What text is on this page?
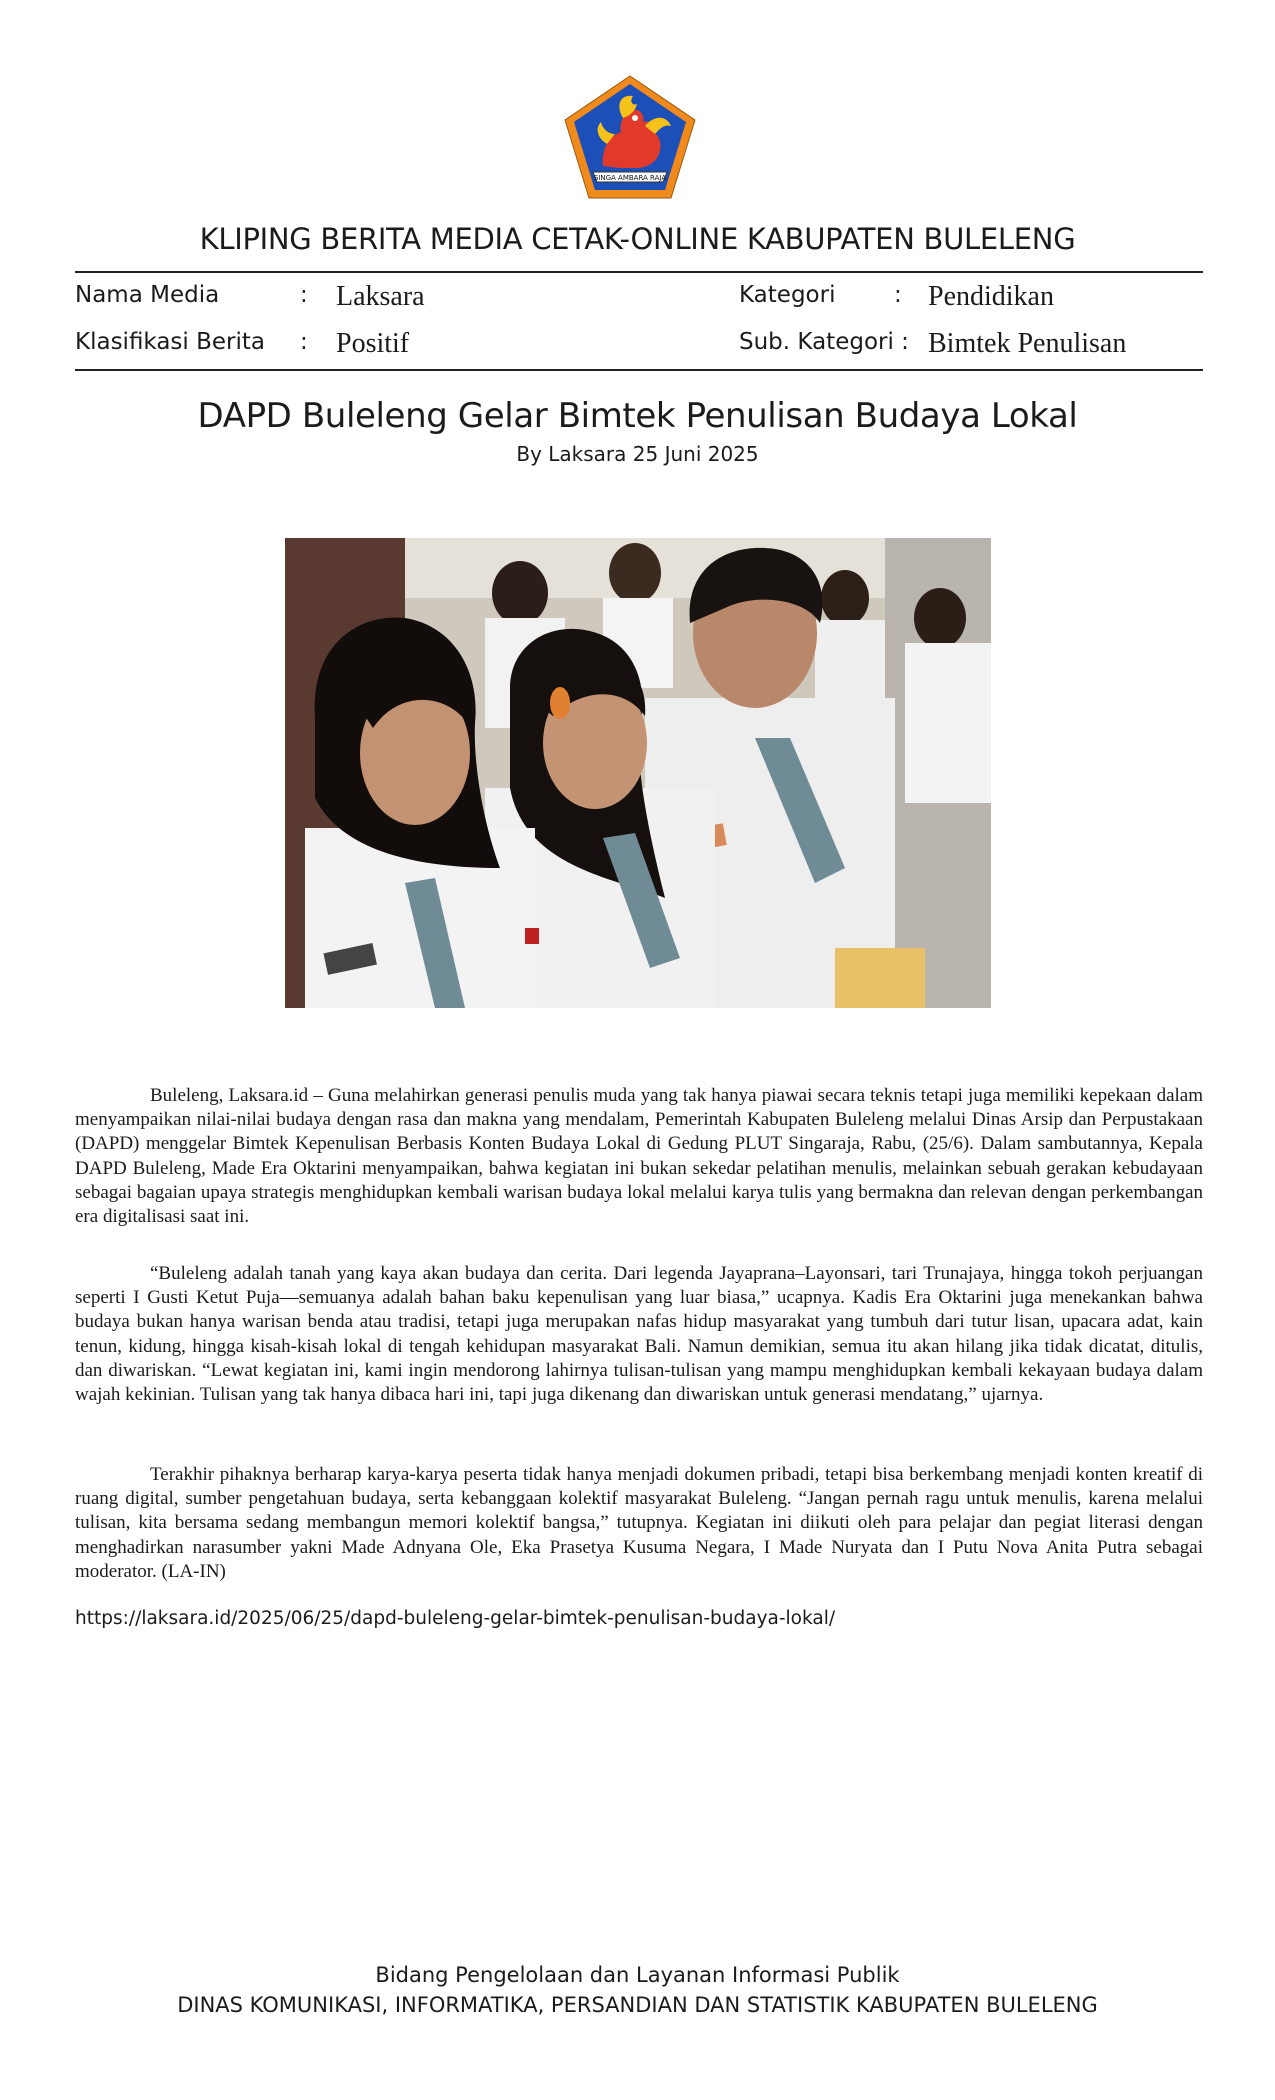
SINGA AMBARA RAJA
KLIPING BERITA MEDIA CETAK-ONLINE KABUPATEN BULELENG
Nama Media	: Laksara	Kategori	: Pendidikan
Klasifikasi Berita : Positif	Sub. Kategori : Bimtek Penulisan
DAPD Buleleng Gelar Bimtek Penulisan Budaya Lokal
By Laksara 25 Juni 2025

Buleleng, Laksara.id – Guna melahirkan generasi penulis muda yang tak hanya piawai secara teknis tetapi juga memiliki kepekaan dalam menyampaikan nilai-nilai budaya dengan rasa dan makna yang mendalam, Pemerintah Kabupaten Buleleng melalui Dinas Arsip dan Perpustakaan (DAPD) menggelar Bimtek Kepenulisan Berbasis Konten Budaya Lokal di Gedung PLUT Singaraja, Rabu, (25/6). Dalam sambutannya, Kepala DAPD Buleleng, Made Era Oktarini menyampaikan, bahwa kegiatan ini bukan sekedar pelatihan menulis, melainkan sebuah gerakan kebudayaan sebagai bagaian upaya strategis menghidupkan kembali warisan budaya lokal melalui karya tulis yang bermakna dan relevan dengan perkembangan era digitalisasi saat ini.

“Buleleng adalah tanah yang kaya akan budaya dan cerita. Dari legenda Jayaprana–Layonsari, tari Trunajaya, hingga tokoh perjuangan seperti I Gusti Ketut Puja—semuanya adalah bahan baku kepenulisan yang luar biasa,” ucapnya. Kadis Era Oktarini juga menekankan bahwa budaya bukan hanya warisan benda atau tradisi, tetapi juga merupakan nafas hidup masyarakat yang tumbuh dari tutur lisan, upacara adat, kain tenun, kidung, hingga kisah-kisah lokal di tengah kehidupan masyarakat Bali. Namun demikian, semua itu akan hilang jika tidak dicatat, ditulis, dan diwariskan. “Lewat kegiatan ini, kami ingin mendorong lahirnya tulisan-tulisan yang mampu menghidupkan kembali kekayaan budaya dalam wajah kekinian. Tulisan yang tak hanya dibaca hari ini, tapi juga dikenang dan diwariskan untuk generasi mendatang,” ujarnya.

Terakhir pihaknya berharap karya-karya peserta tidak hanya menjadi dokumen pribadi, tetapi bisa berkembang menjadi konten kreatif di ruang digital, sumber pengetahuan budaya, serta kebanggaan kolektif masyarakat Buleleng. “Jangan pernah ragu untuk menulis, karena melalui tulisan, kita bersama sedang membangun memori kolektif bangsa,” tutupnya. Kegiatan ini diikuti oleh para pelajar dan pegiat literasi dengan menghadirkan narasumber yakni Made Adnyana Ole, Eka Prasetya Kusuma Negara, I Made Nuryata dan I Putu Nova Anita Putra sebagai moderator. (LA-IN)

https://laksara.id/2025/06/25/dapd-buleleng-gelar-bimtek-penulisan-budaya-lokal/
Bidang Pengelolaan dan Layanan Informasi Publik
DINAS KOMUNIKASI, INFORMATIKA, PERSANDIAN DAN STATISTIK KABUPATEN BULELENG
